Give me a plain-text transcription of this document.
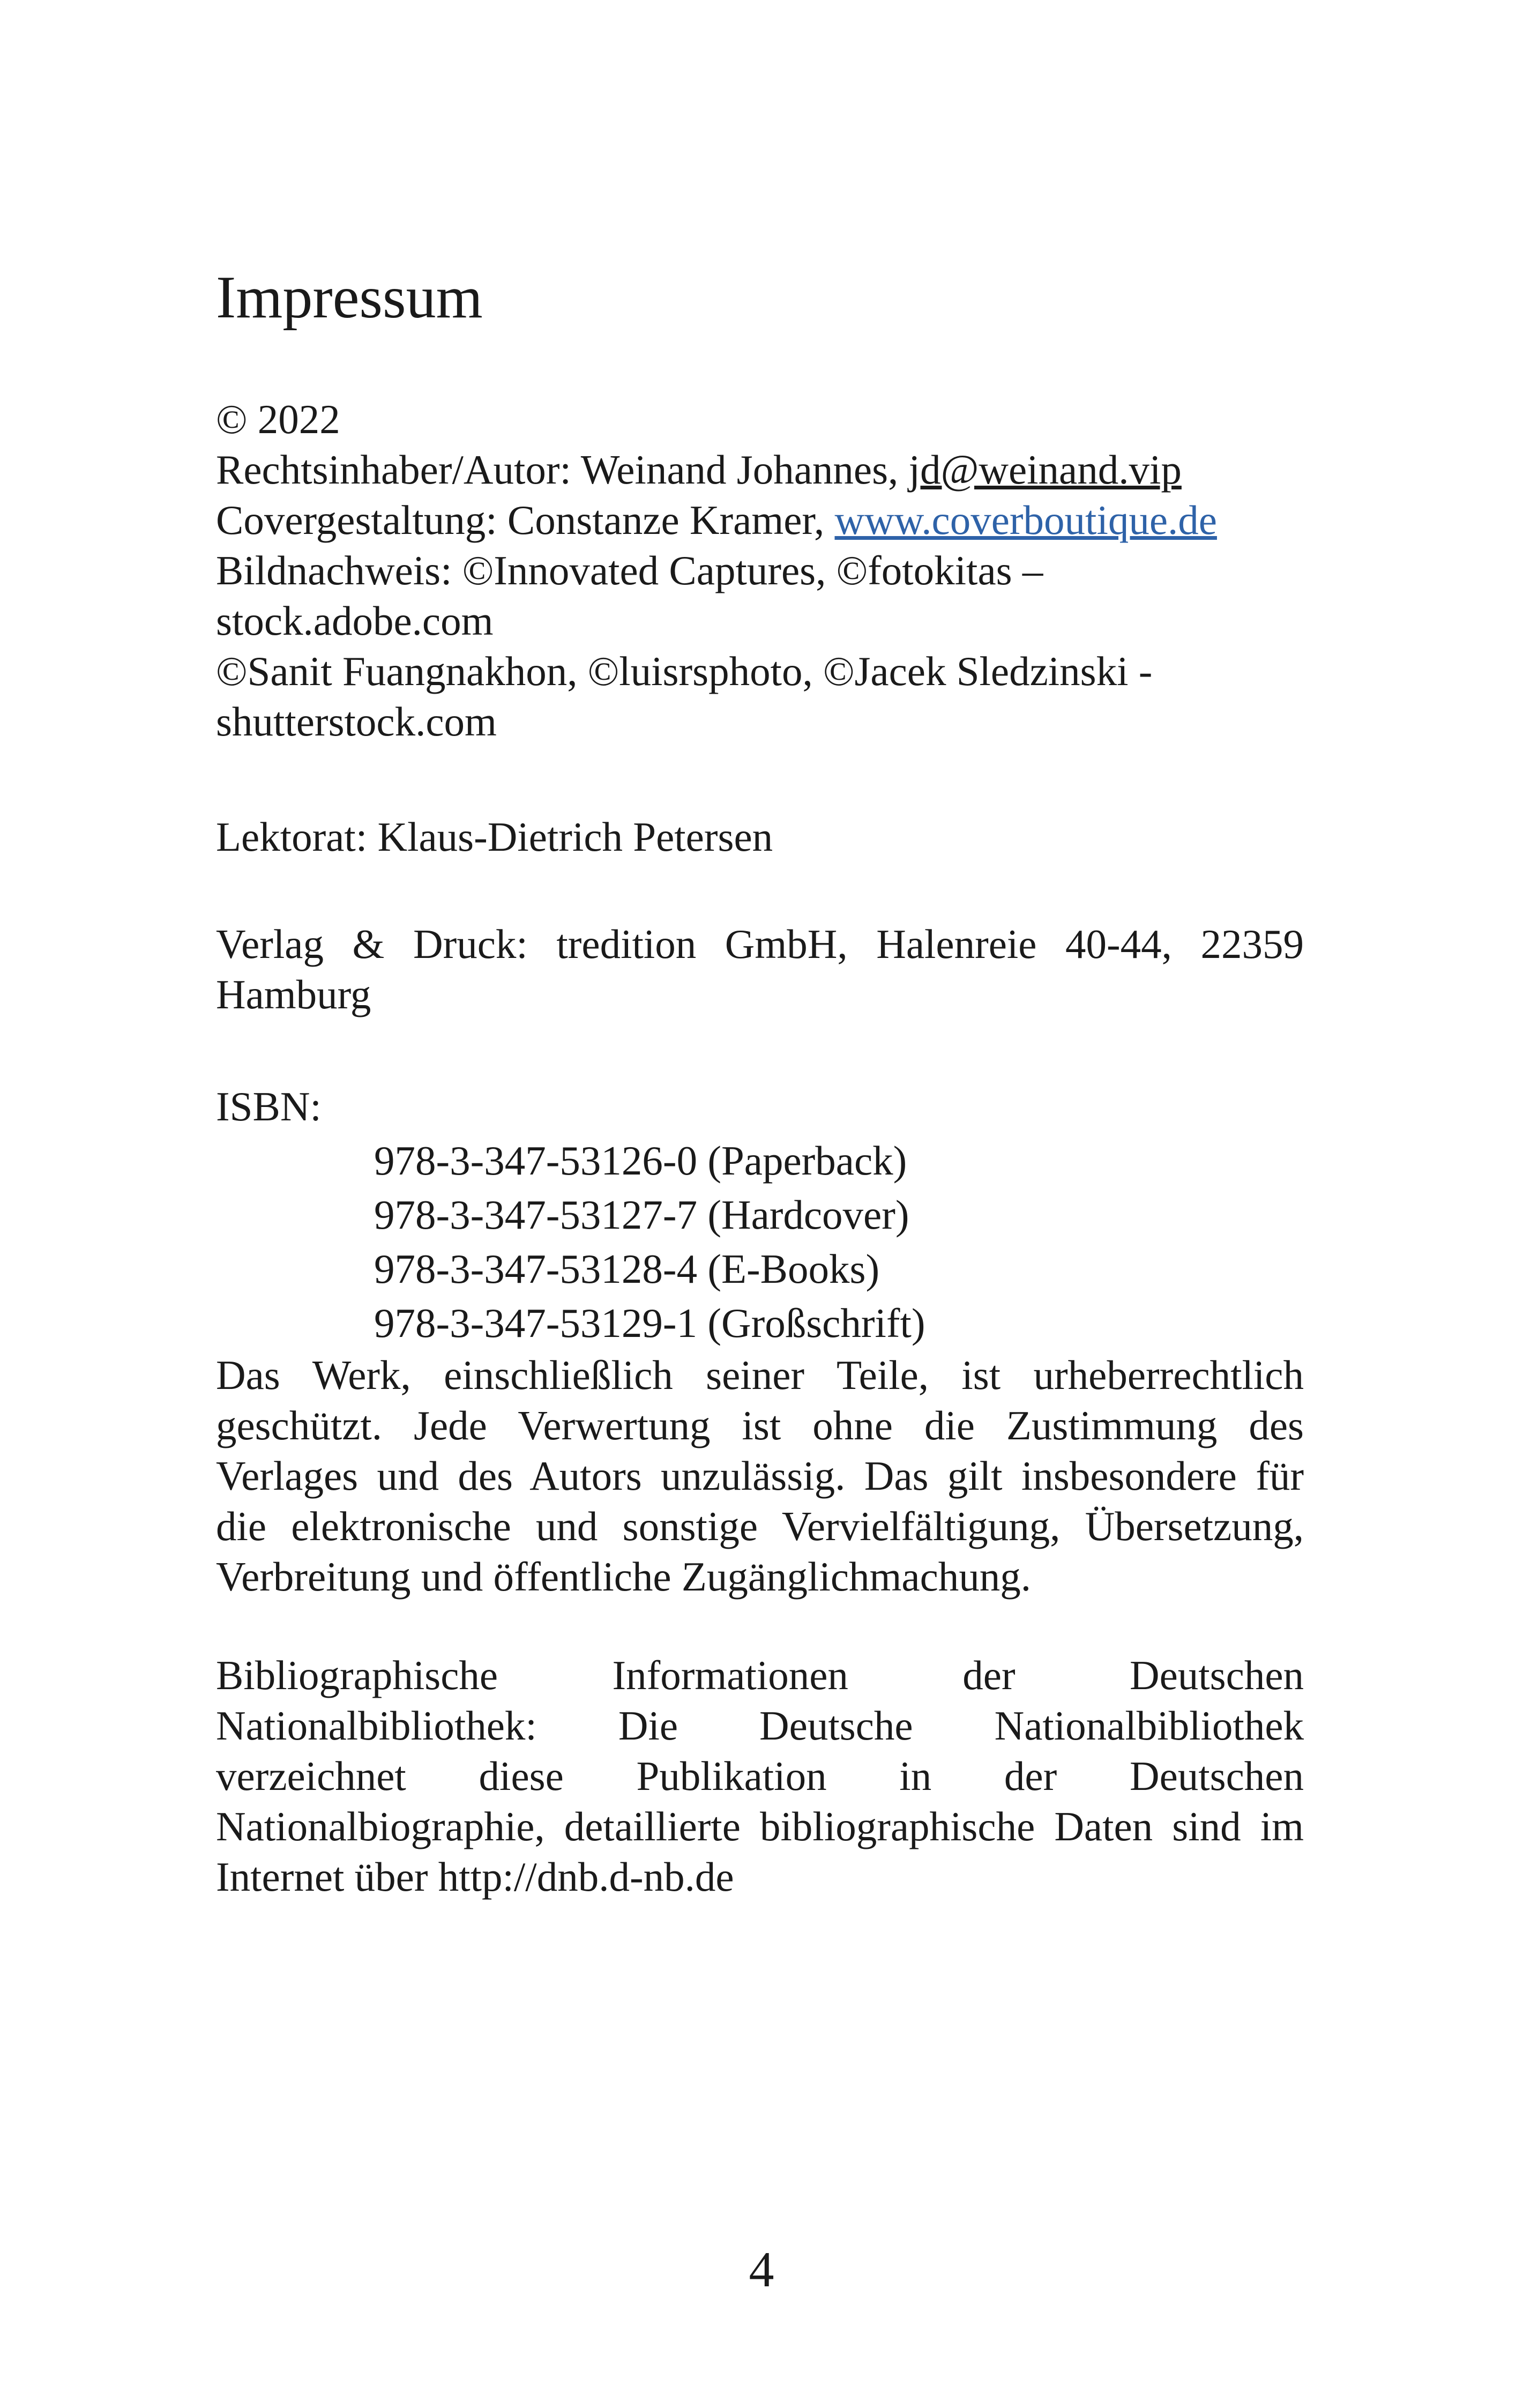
Impressum

© 2022

Rechtsinhaber/Autor: Weinand Johannes, jd@weinand.vip

Covergestaltung: Constanze Kramer, www.coverboutique.de

Bildnachweis: ©Innovated Captures, ©fotokitas –

stock.adobe.com

©Sanit Fuangnakhon, ©luisrsphoto, ©Jacek Sledzinski -

shutterstock.com

Lektorat: Klaus-Dietrich Petersen

Verlag & Druck: tredition GmbH, Halenreie 40-44, 22359
Hamburg

ISBN:

978-3-347-53126-0 (Paperback)

978-3-347-53127-7 (Hardcover)

978-3-347-53128-4 (E-Books)

978-3-347-53129-1 (Großschrift)

Das Werk, einschließlich seiner Teile, ist urheberrechtlich
geschützt. Jede Verwertung ist ohne die Zustimmung des
Verlages und des Autors unzulässig. Das gilt insbesondere für
die elektronische und sonstige Vervielfältigung, Übersetzung,
Verbreitung und öffentliche Zugänglichmachung.
Bibliographische Informationen der Deutschen
Nationalbibliothek: Die Deutsche Nationalbibliothek
verzeichnet diese Publikation in der Deutschen
Nationalbiographie, detaillierte bibliographische Daten sind im
Internet über http://dnb.d-nb.de
4
